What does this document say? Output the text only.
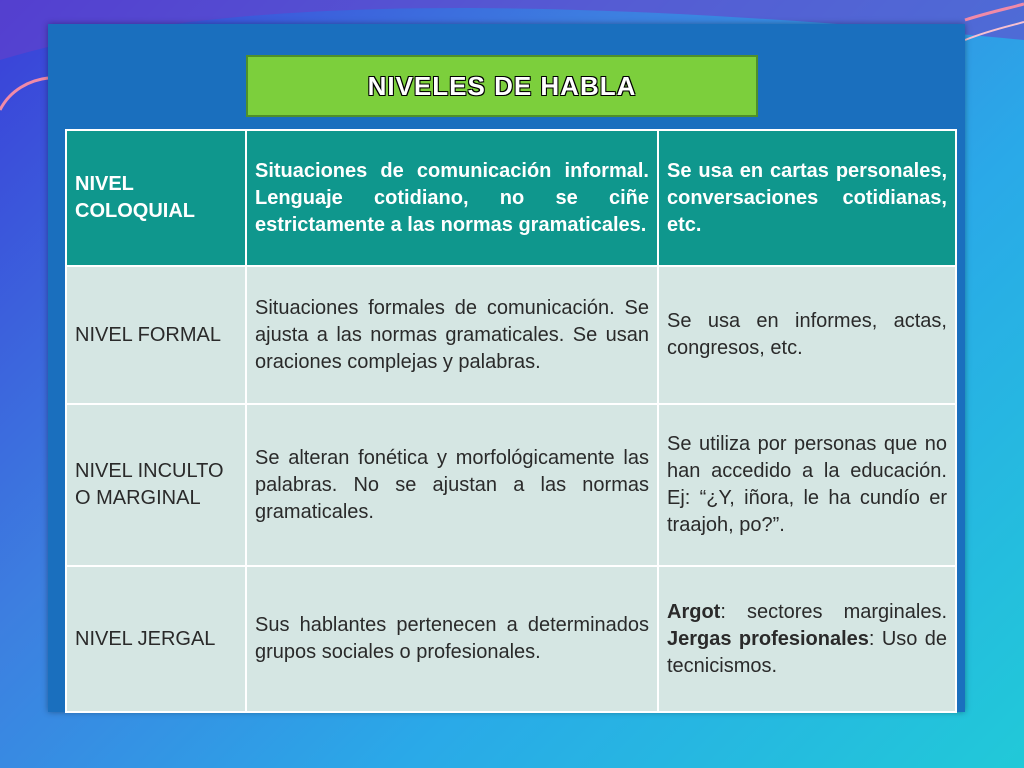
NIVELES DE HABLA
NIVEL COLOQUIAL	Situaciones de comunicación informal. Lenguaje cotidiano, no se ciñe estrictamente a las normas gramaticales.	Se usa en cartas personales, conversaciones cotidianas, etc.
NIVEL FORMAL	Situaciones formales de comunicación. Se ajusta a las normas gramaticales. Se usan oraciones complejas y palabras.	Se usa en informes, actas, congresos, etc.
NIVEL INCULTO O MARGINAL	Se alteran fonética y morfológicamente las palabras. No se ajustan a las normas gramaticales.	Se utiliza por personas que no han accedido a la educación. Ej: “¿Y, iñora, le ha cundío er traajoh, po?”.
NIVEL JERGAL	Sus hablantes pertenecen a determinados grupos sociales o profesionales.	Argot: sectores marginales. Jergas profesionales: Uso de tecnicismos.
